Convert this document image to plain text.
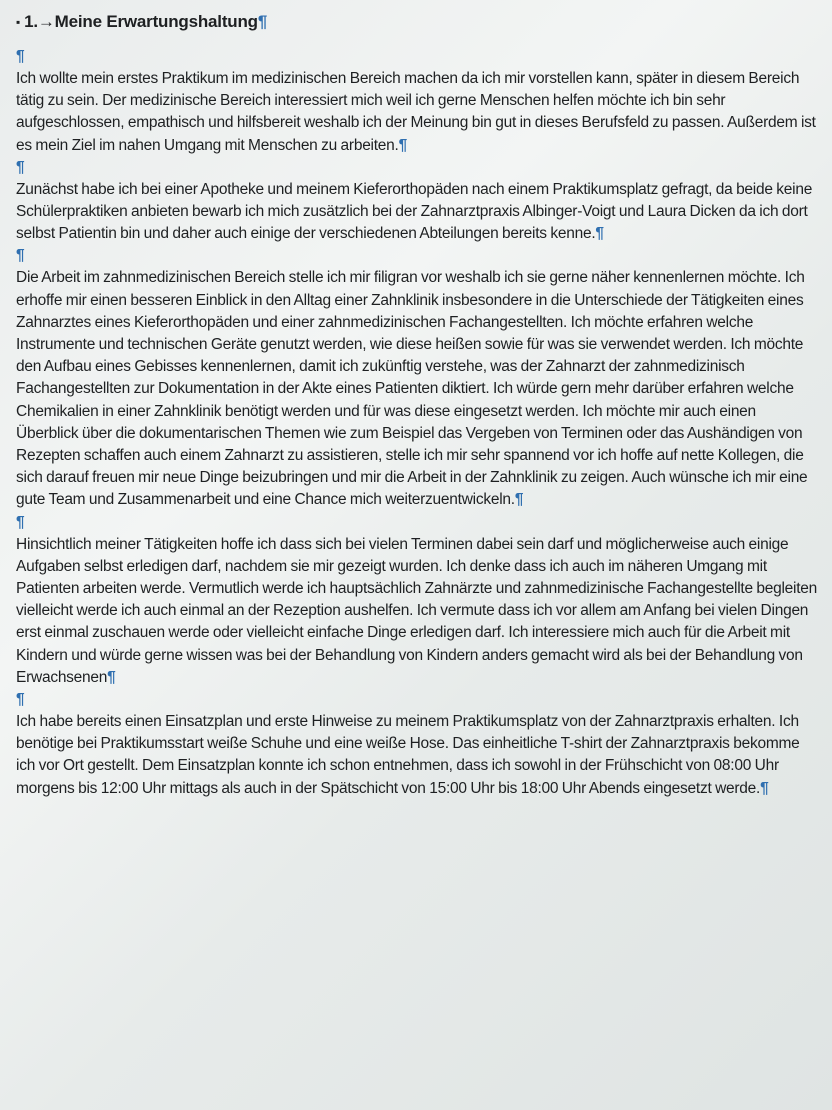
▪ 1.→Meine Erwartungshaltung¶
¶

Ich wollte mein erstes Praktikum im medizinischen Bereich machen da ich mir vorstellen kann, später in diesem Bereich tätig zu sein. Der medizinische Bereich interessiert mich weil ich gerne Menschen helfen möchte ich bin sehr aufgeschlossen, empathisch und hilfsbereit weshalb ich der Meinung bin gut in dieses Berufsfeld zu passen. Außerdem ist es mein Ziel im nahen Umgang mit Menschen zu arbeiten.¶

¶

Zunächst habe ich bei einer Apotheke und meinem Kieferorthopäden nach einem Praktikumsplatz gefragt, da beide keine Schülerpraktiken anbieten bewarb ich mich zusätzlich bei der Zahnarztpraxis Albinger-Voigt und Laura Dicken da ich dort selbst Patientin bin und daher auch einige der verschiedenen Abteilungen bereits kenne.¶

¶

Die Arbeit im zahnmedizinischen Bereich stelle ich mir filigran vor weshalb ich sie gerne näher kennenlernen möchte. Ich erhoffe mir einen besseren Einblick in den Alltag einer Zahnklinik insbesondere in die Unterschiede der Tätigkeiten eines Zahnarztes eines Kieferorthopäden und einer zahnmedizinischen Fachangestellten. Ich möchte erfahren welche Instrumente und technischen Geräte genutzt werden, wie diese heißen sowie für was sie verwendet werden. Ich möchte den Aufbau eines Gebisses kennenlernen, damit ich zukünftig verstehe, was der Zahnarzt der zahnmedizinisch Fachangestellten zur Dokumentation in der Akte eines Patienten diktiert. Ich würde gern mehr darüber erfahren welche Chemikalien in einer Zahnklinik benötigt werden und für was diese eingesetzt werden. Ich möchte mir auch einen Überblick über die dokumentarischen Themen wie zum Beispiel das Vergeben von Terminen oder das Aushändigen von Rezepten schaffen auch einem Zahnarzt zu assistieren, stelle ich mir sehr spannend vor ich hoffe auf nette Kollegen, die sich darauf freuen mir neue Dinge beizubringen und mir die Arbeit in der Zahnklinik zu zeigen. Auch wünsche ich mir eine gute Team und Zusammenarbeit und eine Chance mich weiterzuentwickeln.¶

¶

Hinsichtlich meiner Tätigkeiten hoffe ich dass sich bei vielen Terminen dabei sein darf und möglicherweise auch einige Aufgaben selbst erledigen darf, nachdem sie mir gezeigt wurden. Ich denke dass ich auch im näheren Umgang mit Patienten arbeiten werde. Vermutlich werde ich hauptsächlich Zahnärzte und zahnmedizinische Fachangestellte begleiten vielleicht werde ich auch einmal an der Rezeption aushelfen. Ich vermute dass ich vor allem am Anfang bei vielen Dingen erst einmal zuschauen werde oder vielleicht einfache Dinge erledigen darf. Ich interessiere mich auch für die Arbeit mit Kindern und würde gerne wissen was bei der Behandlung von Kindern anders gemacht wird als bei der Behandlung von Erwachsenen¶

¶

Ich habe bereits einen Einsatzplan und erste Hinweise zu meinem Praktikumsplatz von der Zahnarztpraxis erhalten. Ich benötige bei Praktikumsstart weiße Schuhe und eine weiße Hose. Das einheitliche T-shirt der Zahnarztpraxis bekomme ich vor Ort gestellt. Dem Einsatzplan konnte ich schon entnehmen, dass ich sowohl in der Frühschicht von 08:00 Uhr morgens bis 12:00 Uhr mittags als auch in der Spätschicht von 15:00 Uhr bis 18:00 Uhr Abends eingesetzt werde.¶
